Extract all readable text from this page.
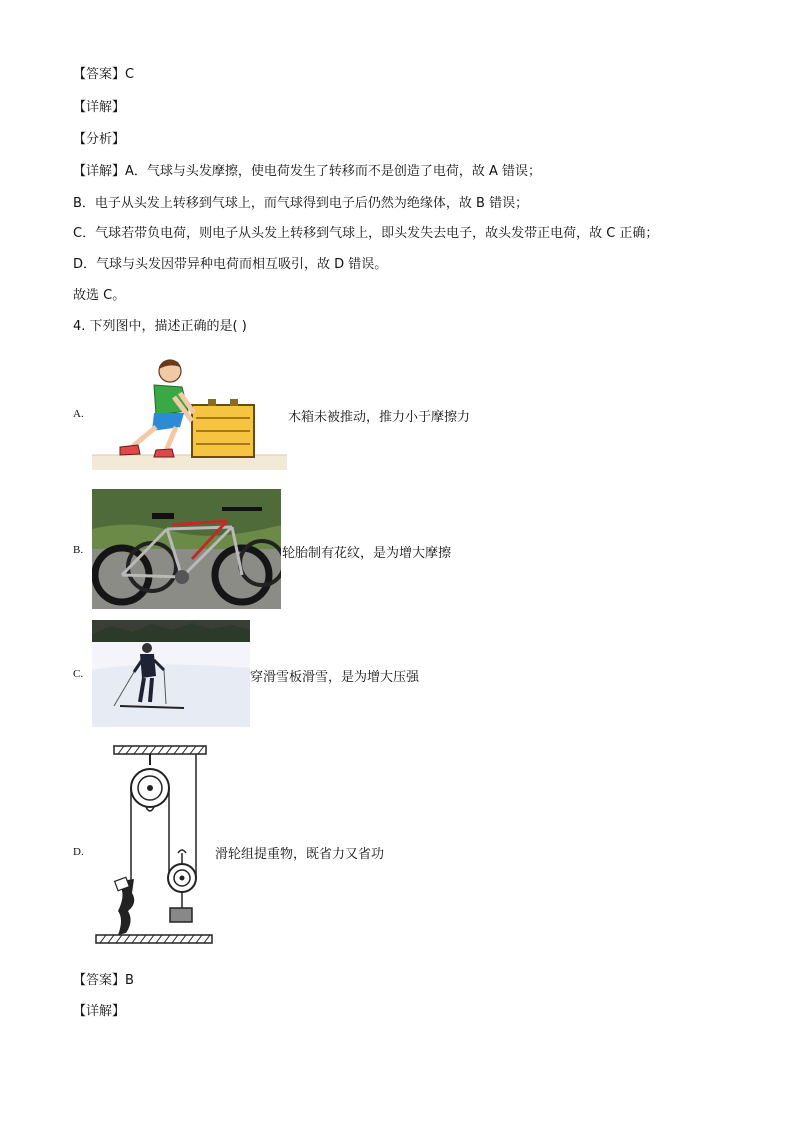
【答案】C
【详解】
【分析】
【详解】A．气球与头发摩擦，使电荷发生了转移而不是创造了电荷，故 A 错误；
B．电子从头发上转移到气球上，而气球得到电子后仍然为绝缘体，故 B 错误；
C．气球若带负电荷，则电子从头发上转移到气球上，即头发失去电子，故头发带正电荷，故 C 正确；
D．气球与头发因带异种电荷而相互吸引，故 D 错误。
故选 C。
4. 下列图中，描述正确的是( )
A.	木箱未被推动，推力小于摩擦力
B.	轮胎制有花纹，是为增大摩擦
C.	穿滑雪板滑雪，是为增大压强
D.	滑轮组提重物，既省力又省功
【答案】B
【详解】
